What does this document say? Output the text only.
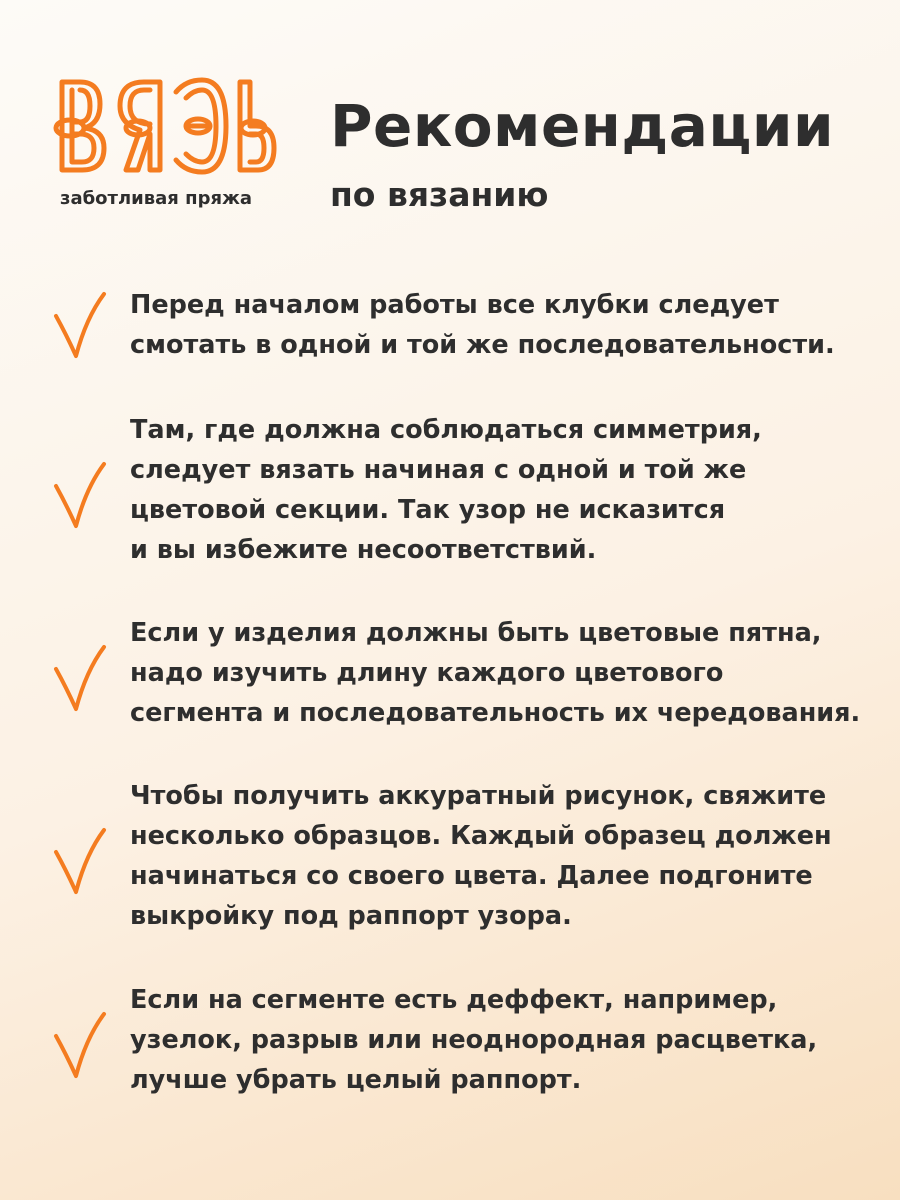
заботливая пряжа
Рекомендации
по вязанию
Перед началом работы все клубки следует
смотать в одной и той же последовательности.
Там, где должна соблюдаться симметрия,
следует вязать начиная с одной и той же
цветовой секции. Так узор не исказится
и вы избежите несоответствий.
Если у изделия должны быть цветовые пятна,
надо изучить длину каждого цветового
сегмента и последовательность их чередования.
Чтобы получить аккуратный рисунок, свяжите
несколько образцов. Каждый образец должен
начинаться со своего цвета. Далее подгоните
выкройку под раппорт узора.
Если на сегменте есть деффект, например,
узелок, разрыв или неоднородная расцветка,
лучше убрать целый раппорт.
